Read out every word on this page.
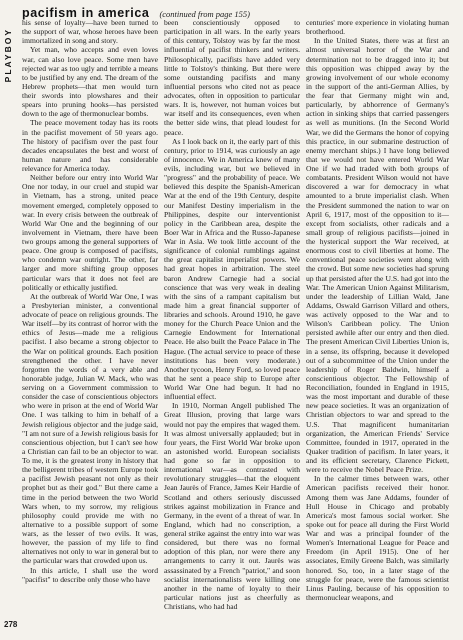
PLAYBOY
pacifism in america (continued from page 155)

his sense of loyalty—have been turned to the support of war, whose heroes have been immortalized in song and story.

Yet man, who accepts and even loves war, can also love peace. Some men have rejected war as too ugly and terrible a means to be justified by any end. The dream of the Hebrew prophets—that men would turn their swords into plowshares and their spears into pruning hooks—has persisted down to the age of thermonuclear bombs.

The peace movement today has its roots in the pacifist movement of 50 years ago. The history of pacifism over the past four decades encapsulates the best and worst of human nature and has considerable relevance for America today.

Neither before our entry into World War One nor today, in our cruel and stupid war in Vietnam, has a strong, united peace movement emerged, completely opposed to war. In every crisis between the outbreak of World War One and the beginning of our involvement in Vietnam, there have been two groups among the general supporters of peace. One group is composed of pacifists, who condemn war outright. The other, far larger and more shifting group opposes particular wars that it does not feel are politically or ethically justified.

At the outbreak of World War One, I was a Presbyterian minister, a conventional advocate of peace on religious grounds. The War itself—by its contrast of horror with the ethics of Jesus—made me a religious pacifist. I also became a strong objector to the War on political grounds. Each position strengthened the other. I have never forgotten the words of a very able and honorable judge, Julian W. Mack, who was serving on a Government commission to consider the case of conscientious objectors who were in prison at the end of World War One. I was talking to him in behalf of a Jewish religious objector and the judge said, "I am not sure of a Jewish religious basis for conscientious objection, but I can't see how a Christian can fail to be an objector to war. To me, it is the greatest irony in history that the belligerent tribes of western Europe took a pacifist Jewish peasant not only as their prophet but as their god." But there came a time in the period between the two World Wars when, to my sorrow, my religious philosophy could provide me with no alternative to a possible support of some wars, as the lesser of two evils. It was, however, the passion of my life to find alternatives not only to war in general but to the particular wars that crowded upon us.

In this article, I shall use the word "pacifist" to describe only those who have

been conscientiously opposed to participation in all wars. In the early years of this century, Tolstoy was by far the most influential of pacifist thinkers and writers. Philosophically, pacifists have added very little to Tolstoy's thinking. But there were some outstanding pacifists and many influential persons who cited not as peace advocates, often in opposition to particular wars. It is, however, not human voices but war itself and its consequences, even when the better side wins, that plead loudest for peace.

As I look back on it, the early part of this century, prior to 1914, was curiously an age of innocence. We in America knew of many evils, including war, but we believed in "progress" and the probability of peace. We believed this despite the Spanish-American War at the end of the 19th Century, despite our Manifest Destiny imperialism in the Philippines, despite our interventionist policy in the Caribbean area, despite the Boer War in Africa and the Russo-Japanese War in Asia. We took little account of the significance of colonial rumblings against the great capitalist imperialist powers. We had great hopes in arbitration. The steel baron Andrew Carnegie had a social conscience that was very weak in dealing with the sins of a rampant capitalism but made him a great financial supporter of libraries and schools. Around 1910, he gave money for the Church Peace Union and the Carnegie Endowment for International Peace. He also built the Peace Palace in The Hague. (The actual service to peace of these institutions has been very moderate.) Another tycoon, Henry Ford, so loved peace that he sent a peace ship to Europe after World War One had begun. It had no influential effect.

In 1910, Norman Angell published The Great Illusion, proving that large wars would not pay the empires that waged them. It was almost universally applauded; but in four years, the First World War broke upon an astonished world. European socialists had gone so far in opposition to international war—as contrasted with revolutionary struggles—that the eloquent Jean Jaurès of France, James Keir Hardie of Scotland and others seriously discussed strikes against mobilization in France and Germany, in the event of a threat of war. In England, which had no conscription, a general strike against the entry into war was considered, but there was no formal adoption of this plan, nor were there any arrangements to carry it out. Jaurès was assassinated by a French "patriot," and soon socialist internationalists were killing one another in the name of loyalty to their particular nations just as cheerfully as Christians, who had had

centuries' more experience in violating human brotherhood.

In the United States, there was at first an almost universal horror of the War and determination not to be dragged into it; but this opposition was chipped away by the growing involvement of our whole economy in the support of the anti-German Allies, by the fear that Germany might win and, particularly, by abhorrence of Germany's action in sinking ships that carried passengers as well as munitions. (In the Second World War, we did the Germans the honor of copying this practice, in our submarine destruction of enemy merchant ships.) I have long believed that we would not have entered World War One if we had traded with both groups of combatants. President Wilson would not have discovered a war for democracy in what amounted to a brute imperialist clash. When the President summoned the nation to war on April 6, 1917, most of the opposition to it—except from socialists, other radicals and a small group of religious pacifists—joined in the hysterical support the War received, at enormous cost to civil liberties at home. The conventional peace societies went along with the crowd. But some new societies had sprung up that persisted after the U.S. had got into the War. The American Union Against Militarism, under the leadership of Lillian Wald, Jane Addams, Oswald Garrison Villard and others, was actively opposed to the War and to Wilson's Caribbean policy. The Union persisted awhile after our entry and then died. The present American Civil Liberties Union is, in a sense, its offspring, because it developed out of a subcommittee of the Union under the leadership of Roger Baldwin, himself a conscientious objector. The Fellowship of Reconciliation, founded in England in 1915, was the most important and durable of these new peace societies. It was an organization of Christian objectors to war and spread to the U.S. That magnificent humanitarian organization, the American Friends' Service Committee, founded in 1917, operated in the Quaker tradition of pacifism. In later years, it and its efficient secretary, Clarence Pickett, were to receive the Nobel Peace Prize.

In the calmer times between wars, other American pacifists received their honor. Among them was Jane Addams, founder of Hull House in Chicago and probably America's most famous social worker. She spoke out for peace all during the First World War and was a principal founder of the Women's International League for Peace and Freedom (in April 1915). One of her associates, Emily Greene Balch, was similarly honored. So, too, in a later stage of the struggle for peace, were the famous scientist Linus Pauling, because of his opposition to thermonuclear weapons, and

278
